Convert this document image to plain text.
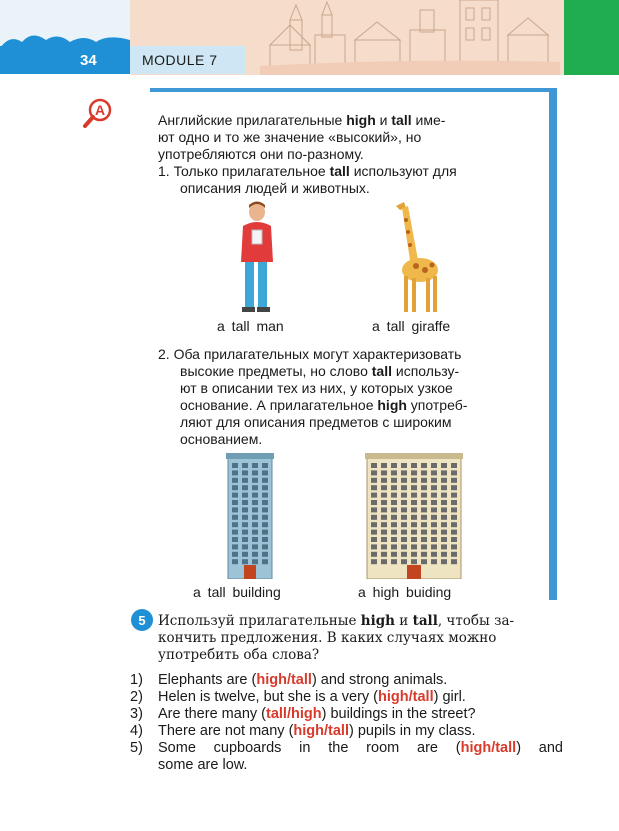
34	MODULE 7
A
Английские прилагательные high и tall име-
ют одно и то же значение «высокий», но
употребляются они по-разному.
1. Только прилагательное tall используют для
описания людей и животных.
a tall man	a tall giraffe
2. Оба прилагательных могут характеризовать
высокие предметы, но слово tall использу-
ют в описании тех из них, у которых узкое
основание. А прилагательное high употреб-
ляют для описания предметов с широким
основанием.
a tall building	a high buiding
5 Используй прилагательные high и tall, чтобы за-
кончить предложения. В каких случаях можно
употребить оба слова?
1) Elephants are (high/tall) and strong animals.
2) Helen is twelve, but she is a very (high/tall) girl.
3) Are there many (tall/high) buildings in the street?
4) There are not many (high/tall) pupils in my class.
5) Some cupboards in the room are (high/tall) and
some are low.
